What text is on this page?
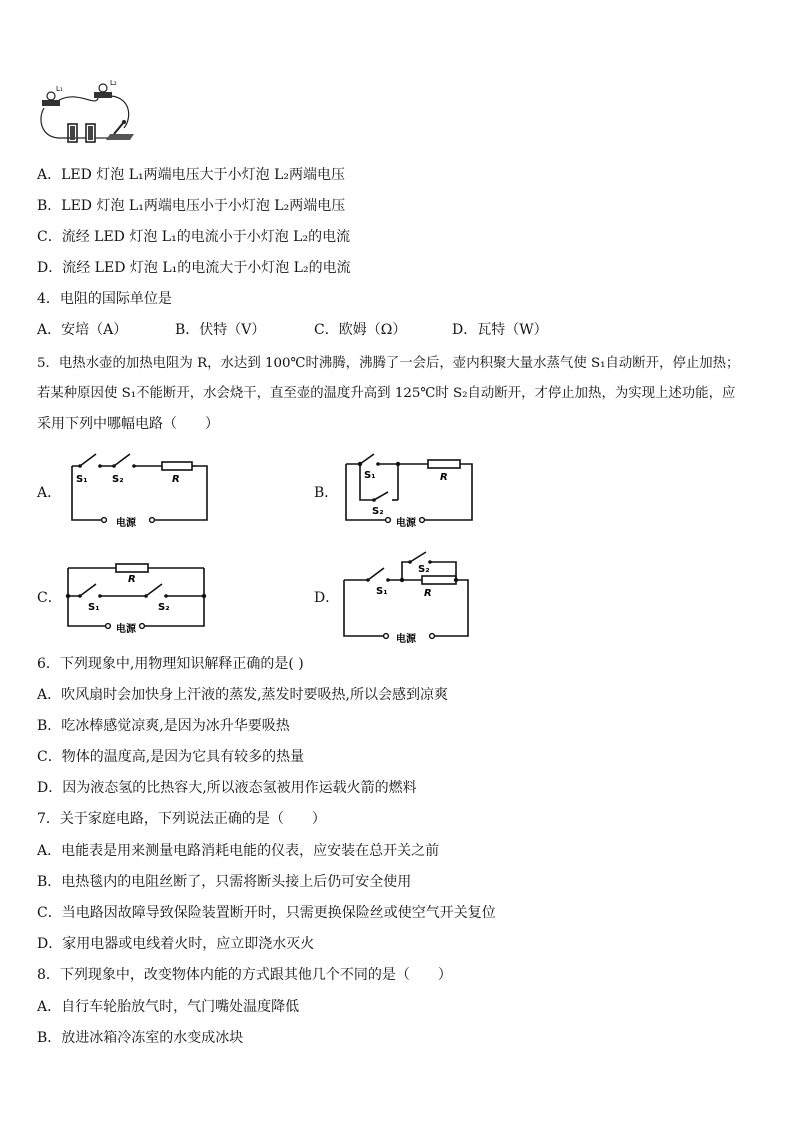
L₁
L₂
A．LED 灯泡 L₁两端电压大于小灯泡 L₂两端电压
B．LED 灯泡 L₁两端电压小于小灯泡 L₂两端电压
C．流经 LED 灯泡 L₁的电流小于小灯泡 L₂的电流
D．流经 LED 灯泡 L₁的电流大于小灯泡 L₂的电流
4．电阻的国际单位是
A．安培（A）	B．伏特（V）	C．欧姆（Ω）	D．瓦特（W）
5．电热水壶的加热电阻为 R，水达到 100℃时沸腾，沸腾了一会后，壶内积聚大量水蒸气使 S₁自动断开，停止加热；
若某种原因使 S₁不能断开，水会烧干，直至壶的温度升高到 125℃时 S₂自动断开，才停止加热，为实现上述功能，应
采用下列中哪幅电路（　　）
A．
S₁ S₂	R
电源
B．
S₁
S₂
R
电源
C．
R
S₁	S₂
电源
D．	S₁
S₂
R
电源
6．下列现象中,用物理知识解释正确的是( )
A．吹风扇时会加快身上汗液的蒸发,蒸发时要吸热,所以会感到凉爽
B．吃冰棒感觉凉爽,是因为冰升华要吸热
C．物体的温度高,是因为它具有较多的热量
D．因为液态氢的比热容大,所以液态氢被用作运载火箭的燃料
7．关于家庭电路，下列说法正确的是（　　）
A．电能表是用来测量电路消耗电能的仪表，应安装在总开关之前
B．电热毯内的电阻丝断了，只需将断头接上后仍可安全使用
C．当电路因故障导致保险装置断开时，只需更换保险丝或使空气开关复位
D．家用电器或电线着火时，应立即浇水灭火
8．下列现象中，改变物体内能的方式跟其他几个不同的是（　　）
A．自行车轮胎放气时，气门嘴处温度降低
B．放进冰箱冷冻室的水变成冰块
